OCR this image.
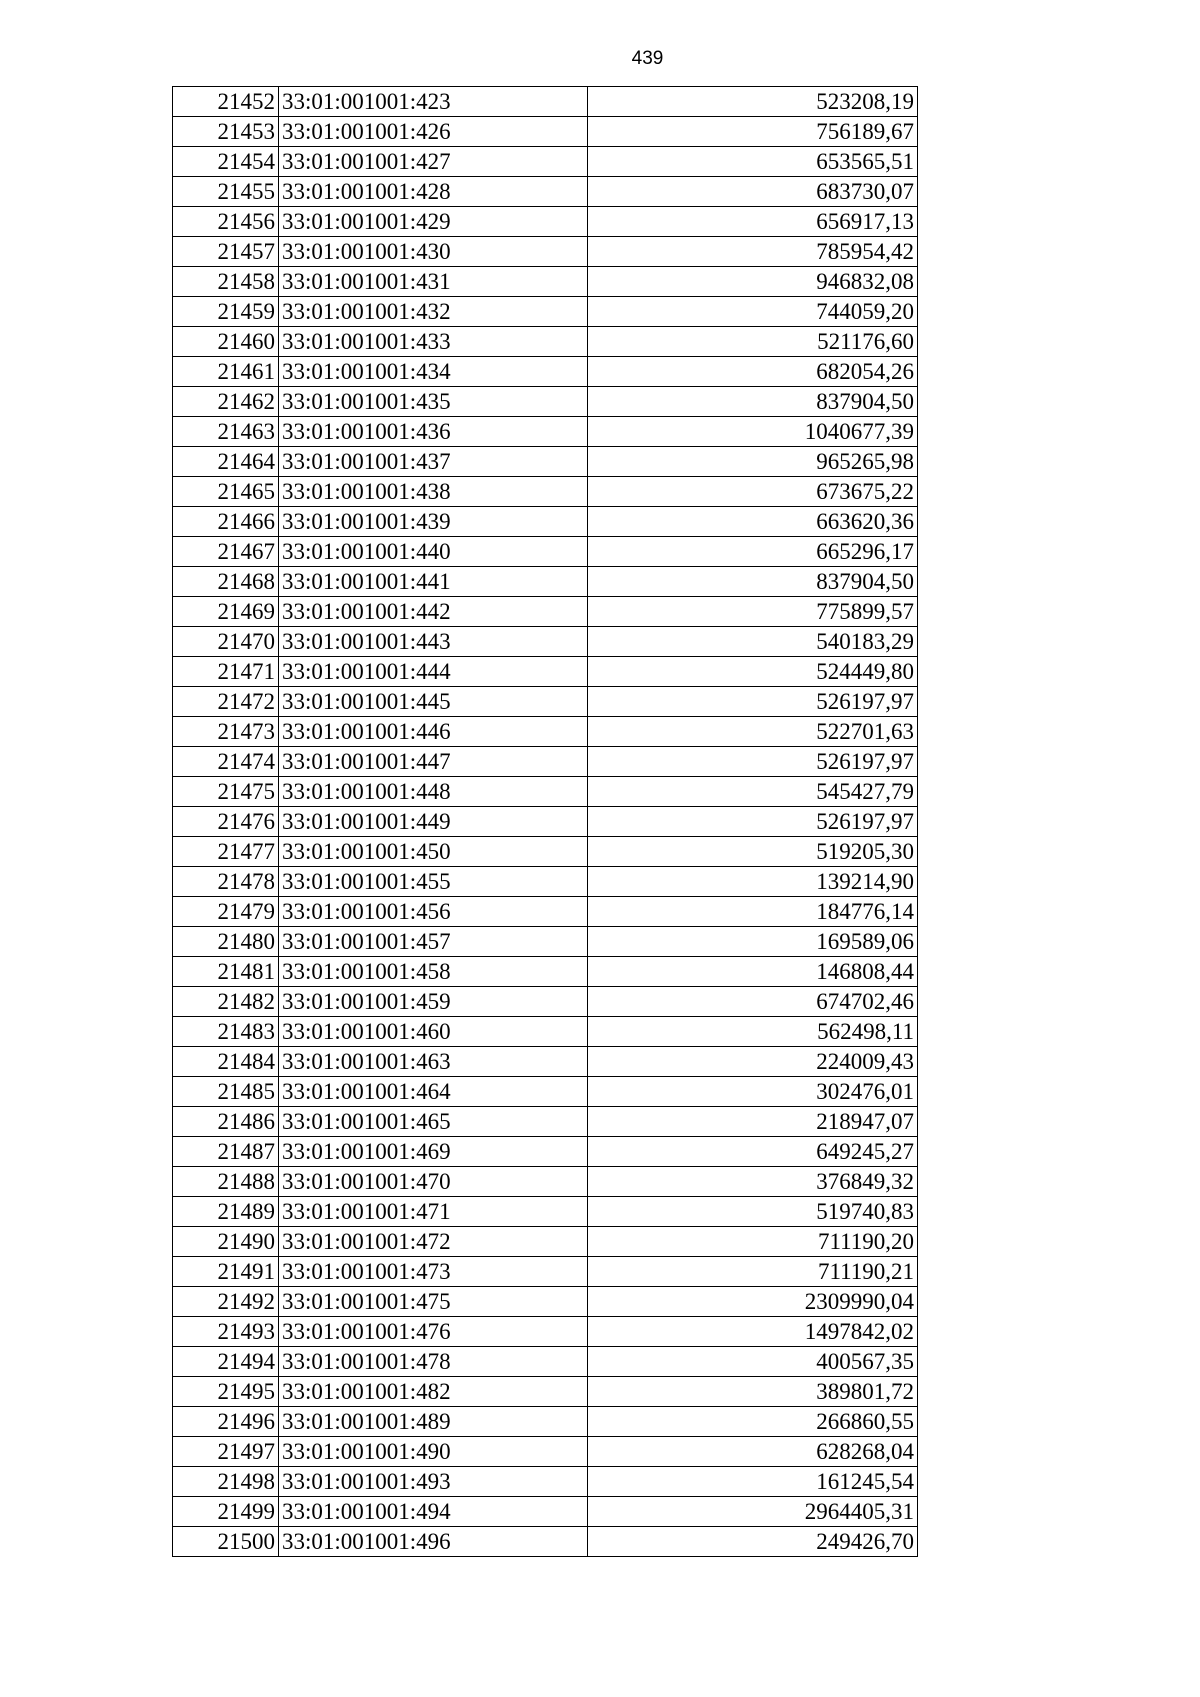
439
21452	33:01:001001:423	523208,19
21453	33:01:001001:426	756189,67
21454	33:01:001001:427	653565,51
21455	33:01:001001:428	683730,07
21456	33:01:001001:429	656917,13
21457	33:01:001001:430	785954,42
21458	33:01:001001:431	946832,08
21459	33:01:001001:432	744059,20
21460	33:01:001001:433	521176,60
21461	33:01:001001:434	682054,26
21462	33:01:001001:435	837904,50
21463	33:01:001001:436	1040677,39
21464	33:01:001001:437	965265,98
21465	33:01:001001:438	673675,22
21466	33:01:001001:439	663620,36
21467	33:01:001001:440	665296,17
21468	33:01:001001:441	837904,50
21469	33:01:001001:442	775899,57
21470	33:01:001001:443	540183,29
21471	33:01:001001:444	524449,80
21472	33:01:001001:445	526197,97
21473	33:01:001001:446	522701,63
21474	33:01:001001:447	526197,97
21475	33:01:001001:448	545427,79
21476	33:01:001001:449	526197,97
21477	33:01:001001:450	519205,30
21478	33:01:001001:455	139214,90
21479	33:01:001001:456	184776,14
21480	33:01:001001:457	169589,06
21481	33:01:001001:458	146808,44
21482	33:01:001001:459	674702,46
21483	33:01:001001:460	562498,11
21484	33:01:001001:463	224009,43
21485	33:01:001001:464	302476,01
21486	33:01:001001:465	218947,07
21487	33:01:001001:469	649245,27
21488	33:01:001001:470	376849,32
21489	33:01:001001:471	519740,83
21490	33:01:001001:472	711190,20
21491	33:01:001001:473	711190,21
21492	33:01:001001:475	2309990,04
21493	33:01:001001:476	1497842,02
21494	33:01:001001:478	400567,35
21495	33:01:001001:482	389801,72
21496	33:01:001001:489	266860,55
21497	33:01:001001:490	628268,04
21498	33:01:001001:493	161245,54
21499	33:01:001001:494	2964405,31
21500	33:01:001001:496	249426,70
